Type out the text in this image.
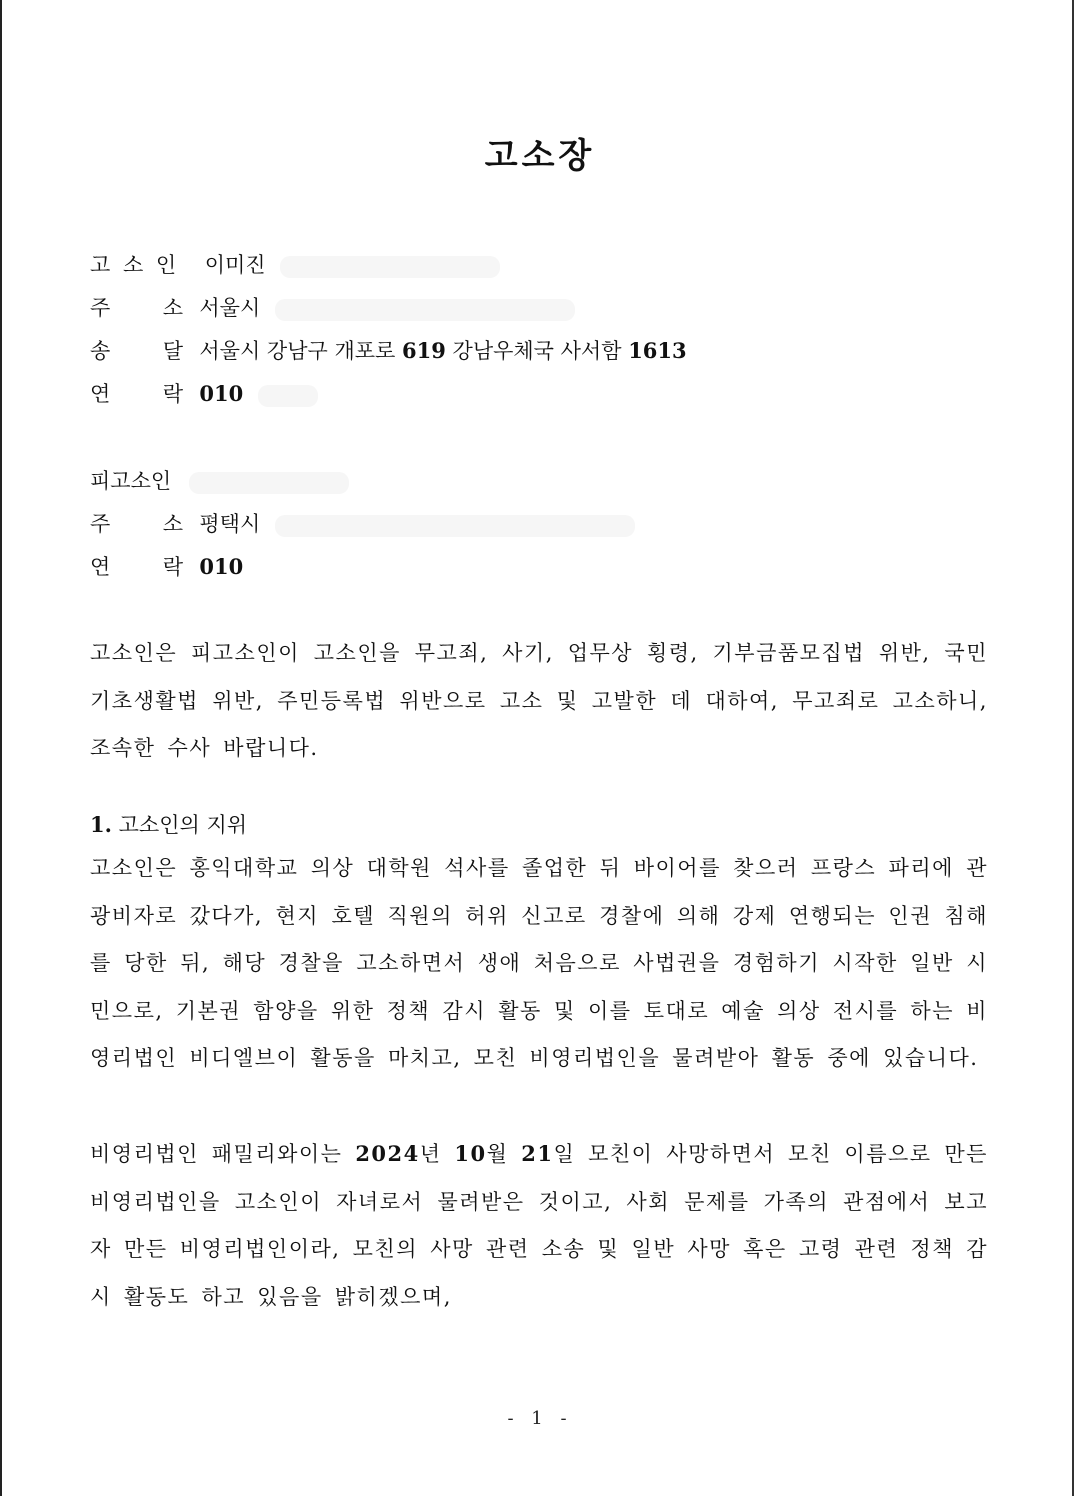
고소장
고 소 인 이미진
주 소 서울시
송 달 서울시 강남구 개포로 619 강남우체국 사서함 1613
연 락 010
피고소인
주 소 평택시
연 락 010
고소인은 피고소인이 고소인을 무고죄, 사기, 업무상 횡령, 기부금품모집법 위반, 국민기초생활법 위반, 주민등록법 위반으로 고소 및 고발한 데 대하여, 무고죄로 고소하니, 조속한 수사 바랍니다.
1. 고소인의 지위
고소인은 홍익대학교 의상 대학원 석사를 졸업한 뒤 바이어를 찾으러 프랑스 파리에 관광비자로 갔다가, 현지 호텔 직원의 허위 신고로 경찰에 의해 강제 연행되는 인권 침해를 당한 뒤, 해당 경찰을 고소하면서 생애 처음으로 사법권을 경험하기 시작한 일반 시민으로, 기본권 함양을 위한 정책 감시 활동 및 이를 토대로 예술 의상 전시를 하는 비영리법인 비디엘브이 활동을 마치고, 모친 비영리법인을 물려받아 활동 중에 있습니다.
비영리법인 패밀리와이는 2024년 10월 21일 모친이 사망하면서 모친 이름으로 만든 비영리법인을 고소인이 자녀로서 물려받은 것이고, 사회 문제를 가족의 관점에서 보고자 만든 비영리법인이라, 모친의 사망 관련 소송 및 일반 사망 혹은 고령 관련 정책 감시 활동도 하고 있음을 밝히겠으며,
- 1 -
